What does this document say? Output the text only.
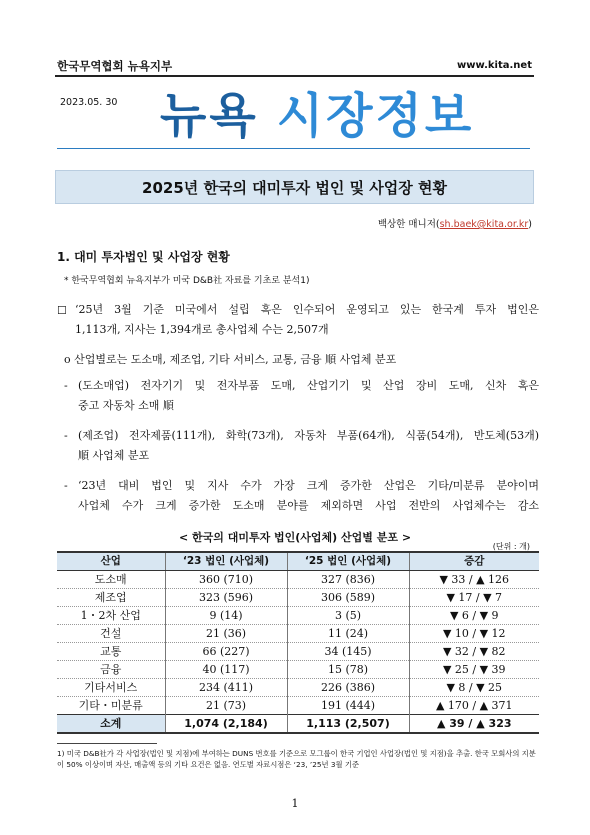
한국무역협회 뉴욕지부	www.kita.net
2023.05. 30 뉴욕 시장정보
2025년 한국의 대미투자 법인 및 사업장 현황
백상한 매니저(sh.baek@kita.or.kr)
1. 대미 투자법인 및 사업장 현황
* 한국무역협회 뉴욕지부가 미국 D&B社 자료를 기초로 분석1)
☐ ‘25년 3월 기준 미국에서 설립 혹은 인수되어 운영되고 있는 한국계 투자 법인은
1,113개, 지사는 1,394개로 총사업체 수는 2,507개
o 산업별로는 도소매, 제조업, 기타 서비스, 교통, 금융 順 사업체 분포
- (도소매업) 전자기기 및 전자부품 도매, 산업기기 및 산업 장비 도매, 신차 혹은
중고 자동차 소매 順
- (제조업) 전자제품(111개), 화학(73개), 자동차 부품(64개), 식품(54개), 반도체(53개)
順 사업체 분포
- ‘23년 대비 법인 및 지사 수가 가장 크게 증가한 산업은 기타/미분류 분야이며
사업체 수가 크게 증가한 도소매 분야를 제외하면 사업 전반의 사업체수는 감소
< 한국의 대미투자 법인(사업체) 산업별 분포 >
(단위 : 개)
산업	‘23 법인 (사업체)	‘25 법인 (사업체)	증감
도소매	360 (710)	327 (836)	▼ 33 / ▲ 126
제조업	323 (596)	306 (589)	▼ 17 / ▼ 7
1・2차 산업	9 (14)	3 (5)	▼ 6 / ▼ 9
건설	21 (36)	11 (24)	▼ 10 / ▼ 12
교통	66 (227)	34 (145)	▼ 32 / ▼ 82
금융	40 (117)	15 (78)	▼ 25 / ▼ 39
기타서비스	234 (411)	226 (386)	▼ 8 / ▼ 25
기타・미분류	21 (73)	191 (444)	▲ 170 / ▲ 371
소계	1,074 (2,184)	1,113 (2,507)	▲ 39 / ▲ 323
1) 미국 D&B社가 각 사업장(법인 및 지점)에 부여하는 DUNS 번호를 기준으로 모그룹이 한국 기업인 사업장(법인 및 지점)을 추출. 한국 모회사의 지분이 50% 이상이며 자산, 매출액 등의 기타 요건은 없음. 연도별 자료시점은 ‘23, ’25년 3월 기준
1
